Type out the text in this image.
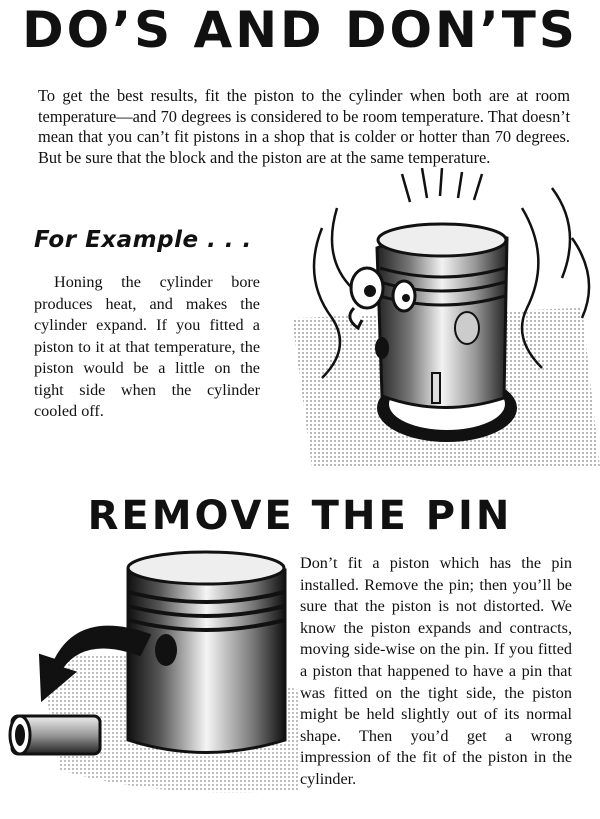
DO’S AND DON’TS

To get the best results, fit the piston to the cylinder when both are at room temperature—and 70 degrees is considered to be room temperature. That doesn’t mean that you can’t fit pistons in a shop that is colder or hotter than 70 degrees. But be sure that the block and the piston are at the same temperature.

For Example . . .

Honing the cylinder bore produces heat, and makes the cylinder expand. If you fitted a piston to it at that temperature, the piston would be a little on the tight side when the cylinder cooled off.

REMOVE THE PIN

Don’t fit a piston which has the pin installed. Remove the pin; then you’ll be sure that the piston is not distorted. We know the piston expands and contracts, moving side-wise on the pin. If you fitted a piston that happened to have a pin that was fitted on the tight side, the piston might be held slightly out of its normal shape. Then you’d get a wrong impression of the fit of the piston in the cylinder.
